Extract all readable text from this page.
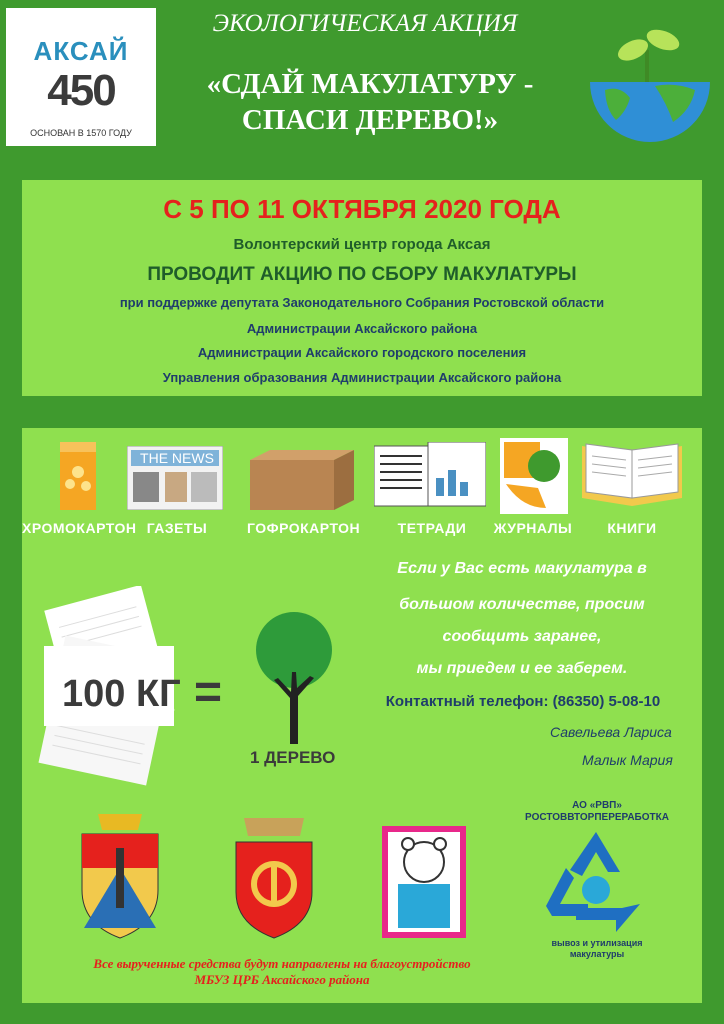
АКСАЙ
450
ОСНОВАН В 1570 ГОДУ
ЭКОЛОГИЧЕСКАЯ АКЦИЯ
«СДАЙ МАКУЛАТУРУ - СПАСИ ДЕРЕВО!»
С 5 ПО 11 ОКТЯБРЯ 2020 ГОДА
Волонтерский центр города Аксая
ПРОВОДИТ АКЦИЮ ПО СБОРУ МАКУЛАТУРЫ
при поддержке депутата Законодательного Собрания Ростовской области
Администрации Аксайского района
Администрации Аксайского городского поселения
Управления образования Администрации Аксайского района
THE NEWS
ХРОМОКАРТОН ГАЗЕТЫ	ГОФРОКАРТОН	ТЕТРАДИ	ЖУРНАЛЫ	КНИГИ
100 КГ =
1 ДЕРЕВО
Если у Вас есть макулатура в
большом количестве, просим
сообщить заранее,
мы приедем и ее заберем.
Контактный телефон: (86350) 5-08-10
Савельева Лариса
Малык Мария
АО «РВП»
РОСТОВВТОРПЕРЕРАБОТКА
вывоз и утилизация
макулатуры
Все вырученные средства будут направлены на благоустройство
МБУЗ ЦРБ Аксайского района
